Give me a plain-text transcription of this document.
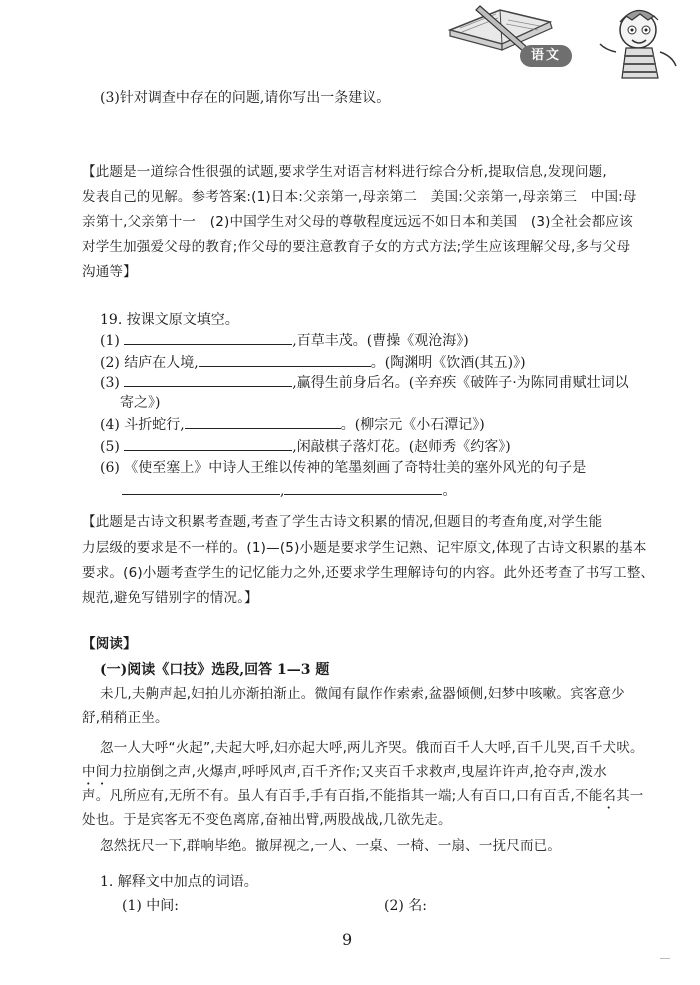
语文
(3)针对调查中存在的问题,请你写出一条建议。
【此题是一道综合性很强的试题,要求学生对语言材料进行综合分析,提取信息,发现问题,
发表自己的见解。参考答案:(1)日本:父亲第一,母亲第二　美国:父亲第一,母亲第三　中国:母
亲第十,父亲第十一　(2)中国学生对父母的尊敬程度远远不如日本和美国　(3)全社会都应该
对学生加强爱父母的教育;作父母的要注意教育子女的方式方法;学生应该理解父母,多与父母
沟通等】
19. 按课文原文填空。
(1)	,百草丰茂。(曹操《观沧海》)
(2) 结庐在人境,	。(陶渊明《饮酒(其五)》)
(3)	,赢得生前身后名。(辛弃疾《破阵子·为陈同甫赋壮词以
寄之》)
(4) 斗折蛇行,	。(柳宗元《小石潭记》)
(5)	,闲敲棋子落灯花。(赵师秀《约客》)
(6) 《使至塞上》中诗人王维以传神的笔墨刻画了奇特壮美的塞外风光的句子是
,	。
【此题是古诗文积累考查题,考查了学生古诗文积累的情况,但题目的考查角度,对学生能
力层级的要求是不一样的。(1)—(5)小题是要求学生记熟、记牢原文,体现了古诗文积累的基本
要求。(6)小题考查学生的记忆能力之外,还要求学生理解诗句的内容。此外还考查了书写工整、
规范,避免写错别字的情况。】
【阅读】
(一)阅读《口技》选段,回答 1—3 题
未几,夫齁声起,妇拍儿亦渐拍渐止。微闻有鼠作作索索,盆器倾侧,妇梦中咳嗽。宾客意少
舒,稍稍正坐。
忽一人大呼“火起”,夫起大呼,妇亦起大呼,两儿齐哭。俄而百千人大呼,百千儿哭,百千犬吠。
中间力拉崩倒之声,火爆声,呼呼风声,百千齐作;又夹百千求救声,曳屋许许声,抢夺声,泼水
声。凡所应有,无所不有。虽人有百手,手有百指,不能指其一端;人有百口,口有百舌,不能名其一
处也。于是宾客无不变色离席,奋袖出臂,两股战战,几欲先走。
忽然抚尺一下,群响毕绝。撤屏视之,一人、一桌、一椅、一扇、一抚尺而已。
1. 解释文中加点的词语。
(1) 中间:	(2) 名:
9
